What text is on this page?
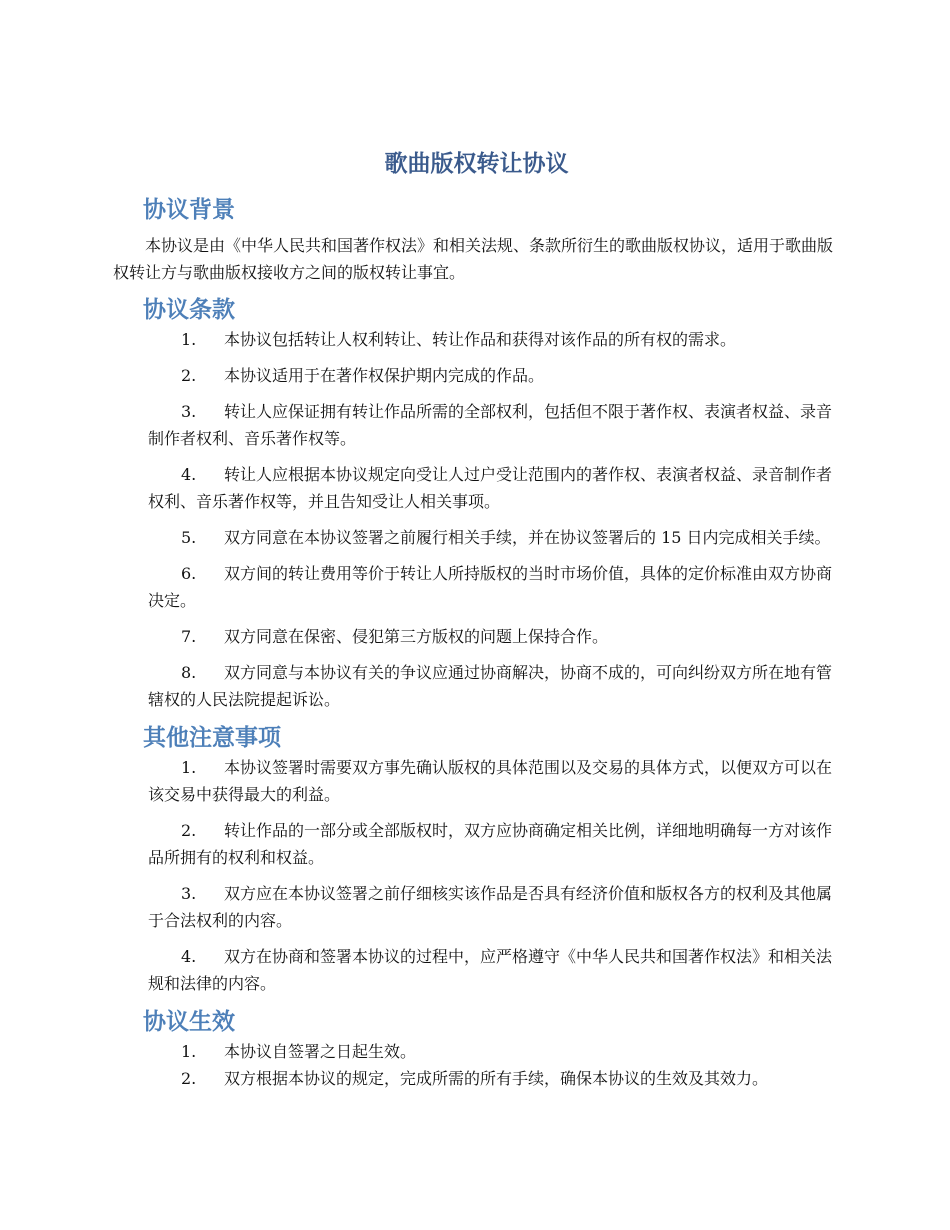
歌曲版权转让协议
协议背景

本协议是由《中华人民共和国著作权法》和相关法规、条款所衍生的歌曲版权协议，适用于歌曲版权转让方与歌曲版权接收方之间的版权转让事宜。

协议条款
1. 本协议包括转让人权利转让、转让作品和获得对该作品的所有权的需求。
2. 本协议适用于在著作权保护期内完成的作品。
3. 转让人应保证拥有转让作品所需的全部权利，包括但不限于著作权、表演者权益、录音制作者权利、音乐著作权等。
4. 转让人应根据本协议规定向受让人过户受让范围内的著作权、表演者权益、录音制作者权利、音乐著作权等，并且告知受让人相关事项。
5. 双方同意在本协议签署之前履行相关手续，并在协议签署后的 15 日内完成相关手续。
6. 双方间的转让费用等价于转让人所持版权的当时市场价值，具体的定价标准由双方协商决定。
7. 双方同意在保密、侵犯第三方版权的问题上保持合作。
8. 双方同意与本协议有关的争议应通过协商解决，协商不成的，可向纠纷双方所在地有管辖权的人民法院提起诉讼。
其他注意事项
1. 本协议签署时需要双方事先确认版权的具体范围以及交易的具体方式，以便双方可以在该交易中获得最大的利益。
2. 转让作品的一部分或全部版权时，双方应协商确定相关比例，详细地明确每一方对该作品所拥有的权利和权益。
3. 双方应在本协议签署之前仔细核实该作品是否具有经济价值和版权各方的权利及其他属于合法权利的内容。
4. 双方在协商和签署本协议的过程中，应严格遵守《中华人民共和国著作权法》和相关法规和法律的内容。
协议生效
1. 本协议自签署之日起生效。
2. 双方根据本协议的规定，完成所需的所有手续，确保本协议的生效及其效力。
